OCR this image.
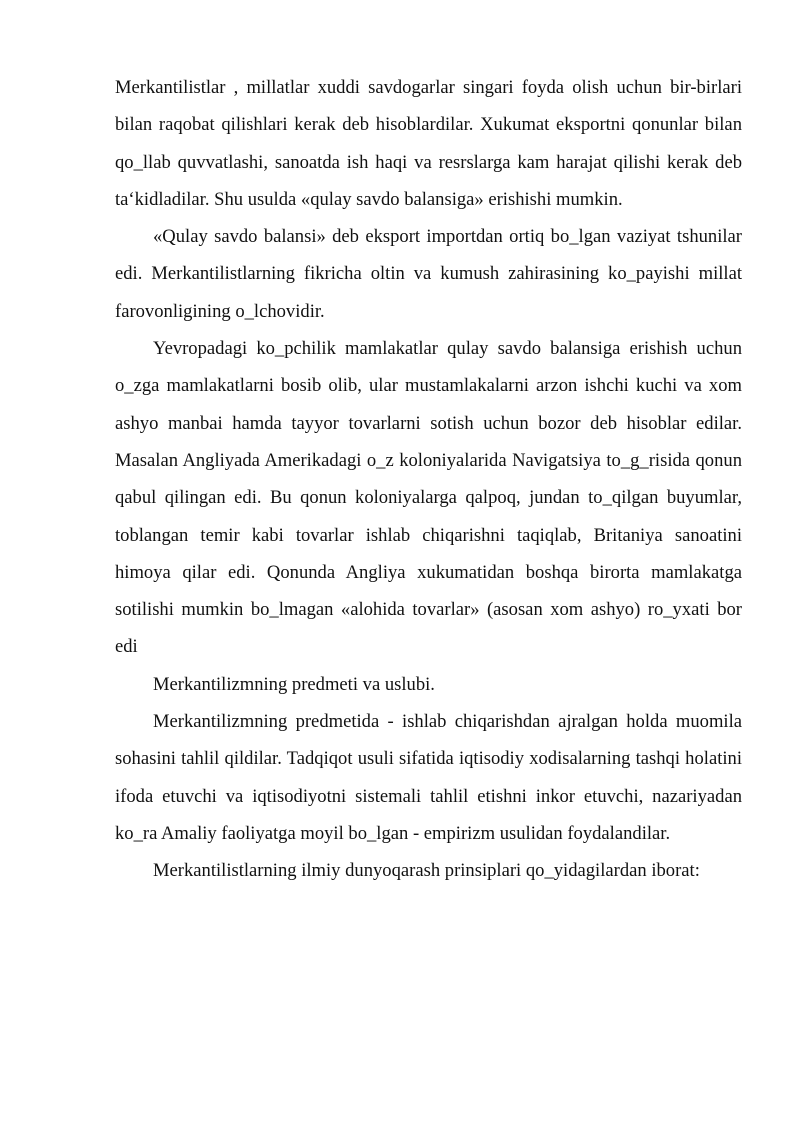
Merkantilistlar , millatlar xuddi savdogarlar singari foyda olish uchun bir-birlari bilan raqobat qilishlari kerak deb hisoblardilar. Xukumat eksportni qonunlar bilan qo_llab quvvatlashi, sanoatda ish haqi va resrslarga kam harajat qilishi kerak deb ta‘kidladilar. Shu usulda «qulay savdo balansiga» erishishi mumkin.

«Qulay savdo balansi» deb eksport importdan ortiq bo_lgan vaziyat tshunilar edi. Merkantilistlarning fikricha oltin va kumush zahirasining ko_payishi millat farovonligining o_lchovidir.

Yevropadagi ko_pchilik mamlakatlar qulay savdo balansiga erishish uchun o_zga mamlakatlarni bosib olib, ular mustamlakalarni arzon ishchi kuchi va xom ashyo manbai hamda tayyor tovarlarni sotish uchun bozor deb hisoblar edilar. Masalan Angliyada Amerikadagi o_z koloniyalarida Navigatsiya to_g_risida qonun qabul qilingan edi. Bu qonun koloniyalarga qalpoq, jundan to_qilgan buyumlar, toblangan temir kabi tovarlar ishlab chiqarishni taqiqlab, Britaniya sanoatini himoya qilar edi. Qonunda Angliya xukumatidan boshqa birorta mamlakatga sotilishi mumkin bo_lmagan «alohida tovarlar» (asosan xom ashyo) ro_yxati bor edi

Merkantilizmning predmeti va uslubi.

Merkantilizmning predmetida - ishlab chiqarishdan ajralgan holda muomila sohasini tahlil qildilar. Tadqiqot usuli sifatida iqtisodiy xodisalarning tashqi holatini ifoda etuvchi va iqtisodiyotni sistemali tahlil etishni inkor etuvchi, nazariyadan ko_ra Amaliy faoliyatga moyil bo_lgan - empirizm usulidan foydalandilar.

Merkantilistlarning ilmiy dunyoqarash prinsiplari qo_yidagilardan iborat:
